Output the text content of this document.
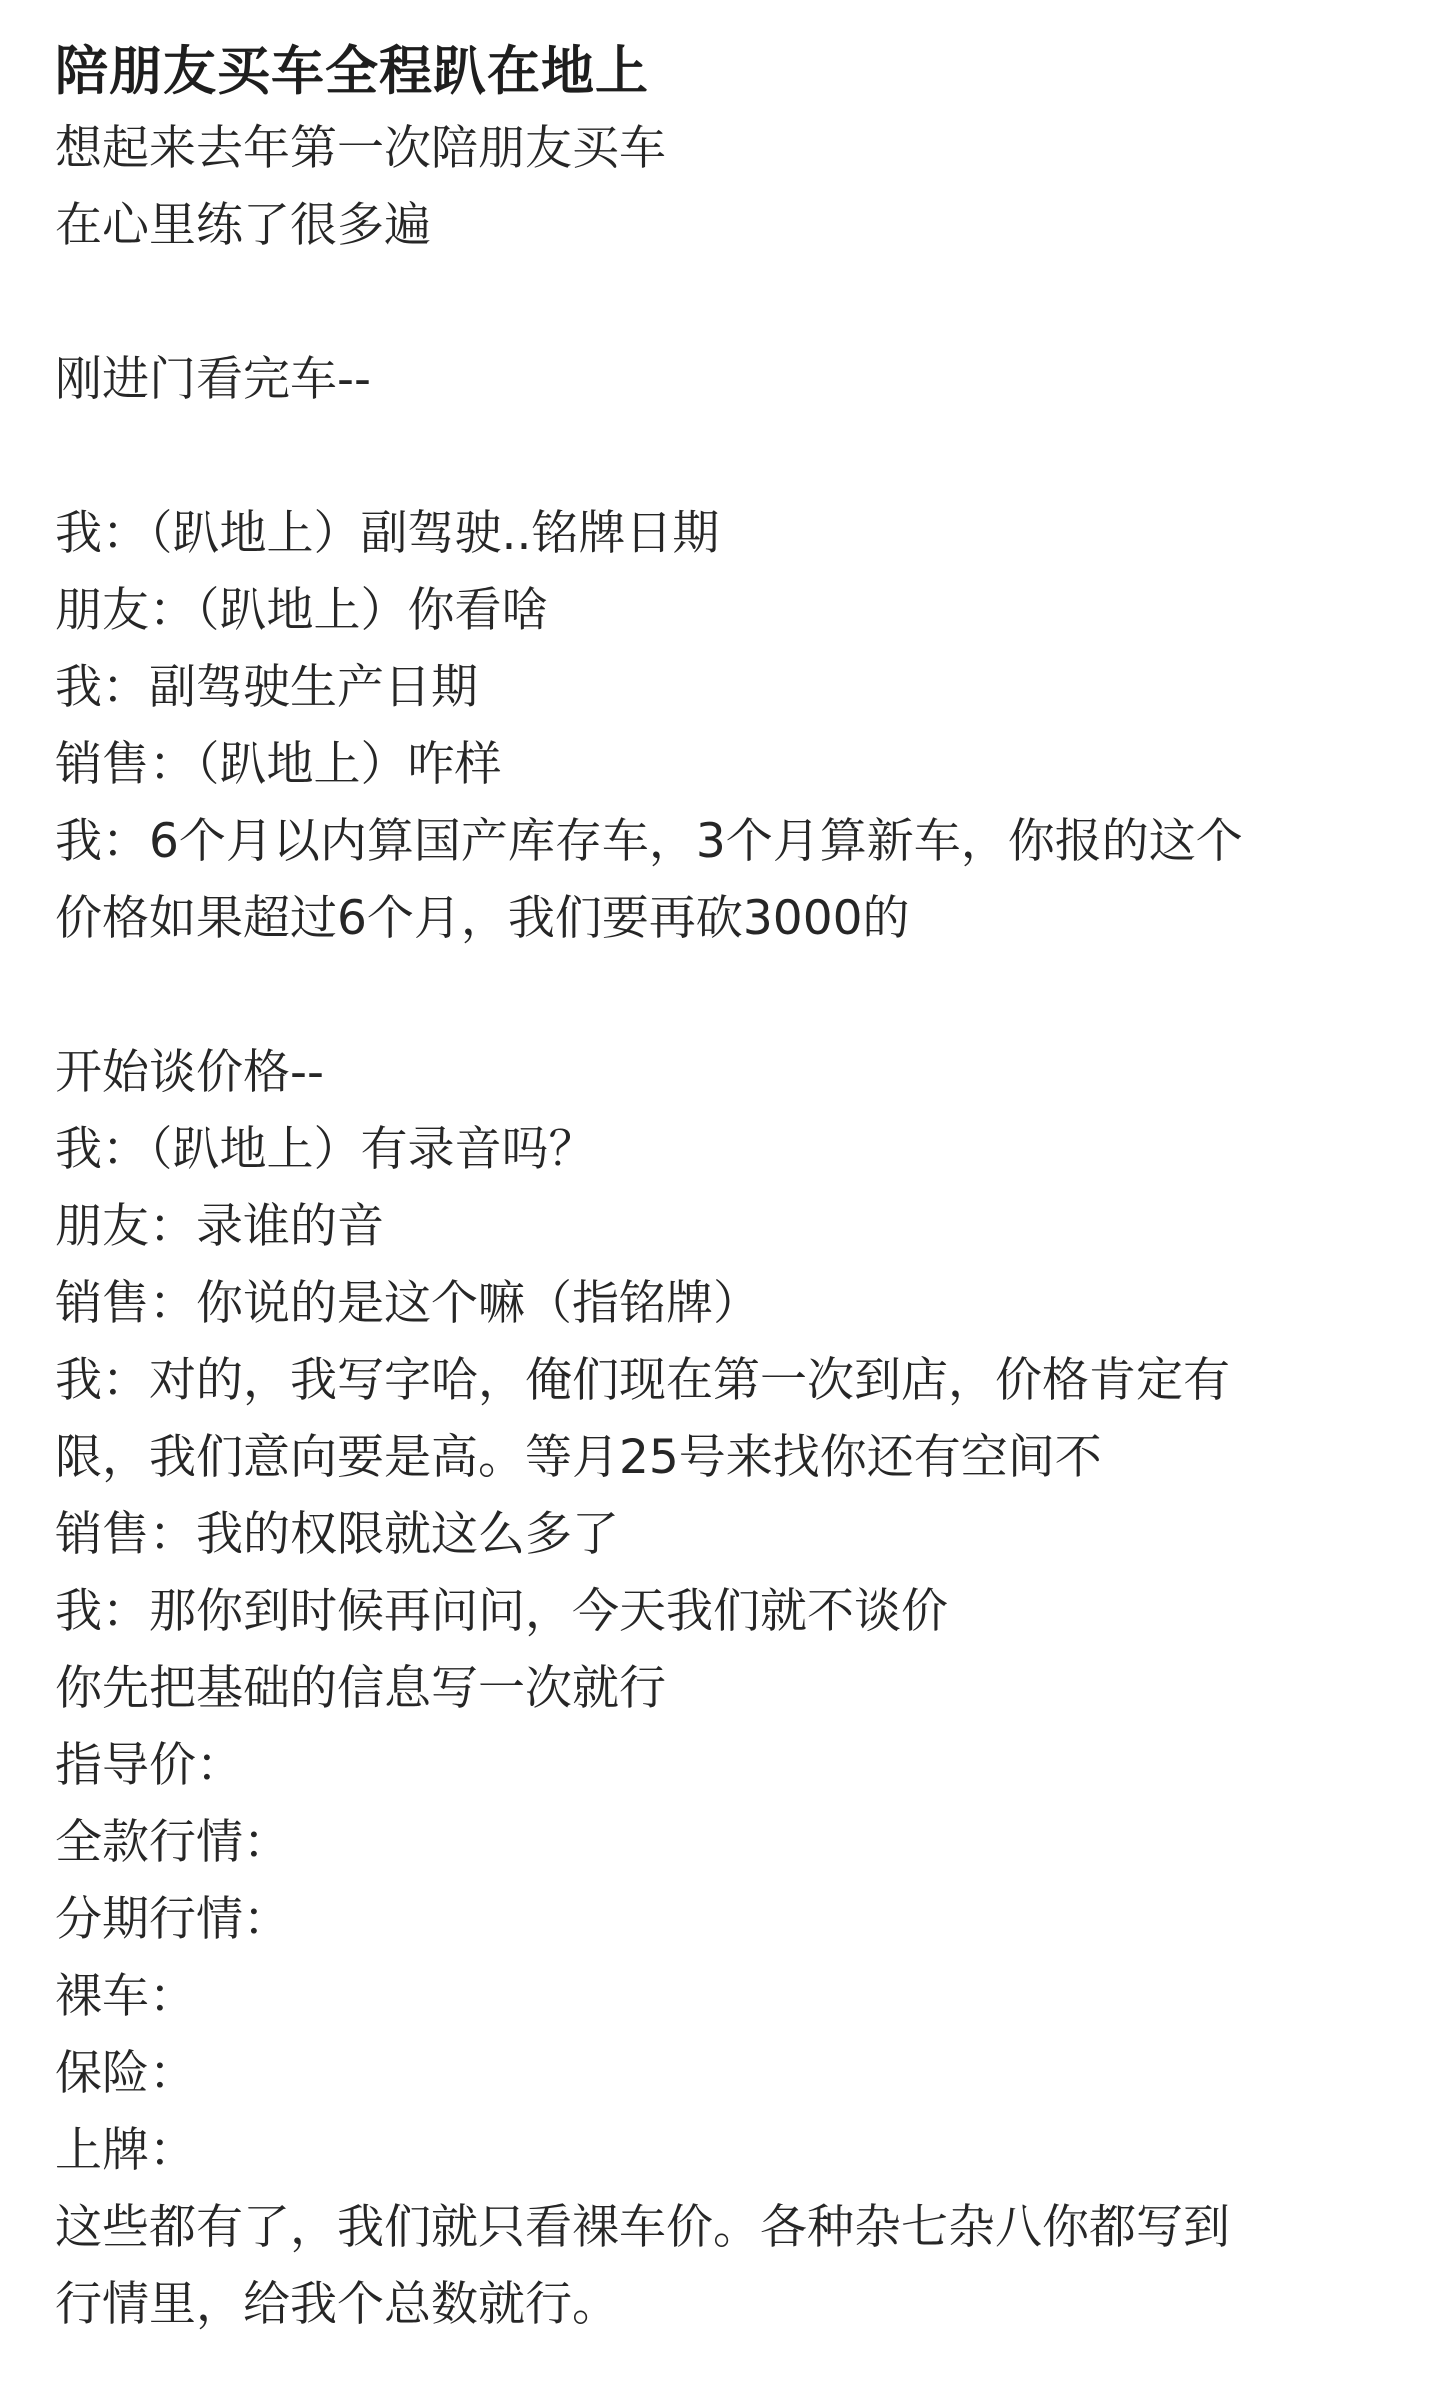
陪朋友买车全程趴在地上
想起来去年第一次陪朋友买车
在心里练了很多遍
刚进门看完车--
我：（趴地上）副驾驶..铭牌日期
朋友：（趴地上）你看啥
我：副驾驶生产日期
销售：（趴地上）咋样
我：6个月以内算国产库存车，3个月算新车，你报的这个
价格如果超过6个月，我们要再砍3000的
开始谈价格--
我：（趴地上）有录音吗？
朋友：录谁的音
销售：你说的是这个嘛（指铭牌）
我：对的，我写字哈，俺们现在第一次到店，价格肯定有
限，我们意向要是高。等月25号来找你还有空间不
销售：我的权限就这么多了
我：那你到时候再问问，今天我们就不谈价
你先把基础的信息写一次就行
指导价：
全款行情：
分期行情：
裸车：
保险：
上牌：
这些都有了，我们就只看裸车价。各种杂七杂八你都写到
行情里，给我个总数就行。
